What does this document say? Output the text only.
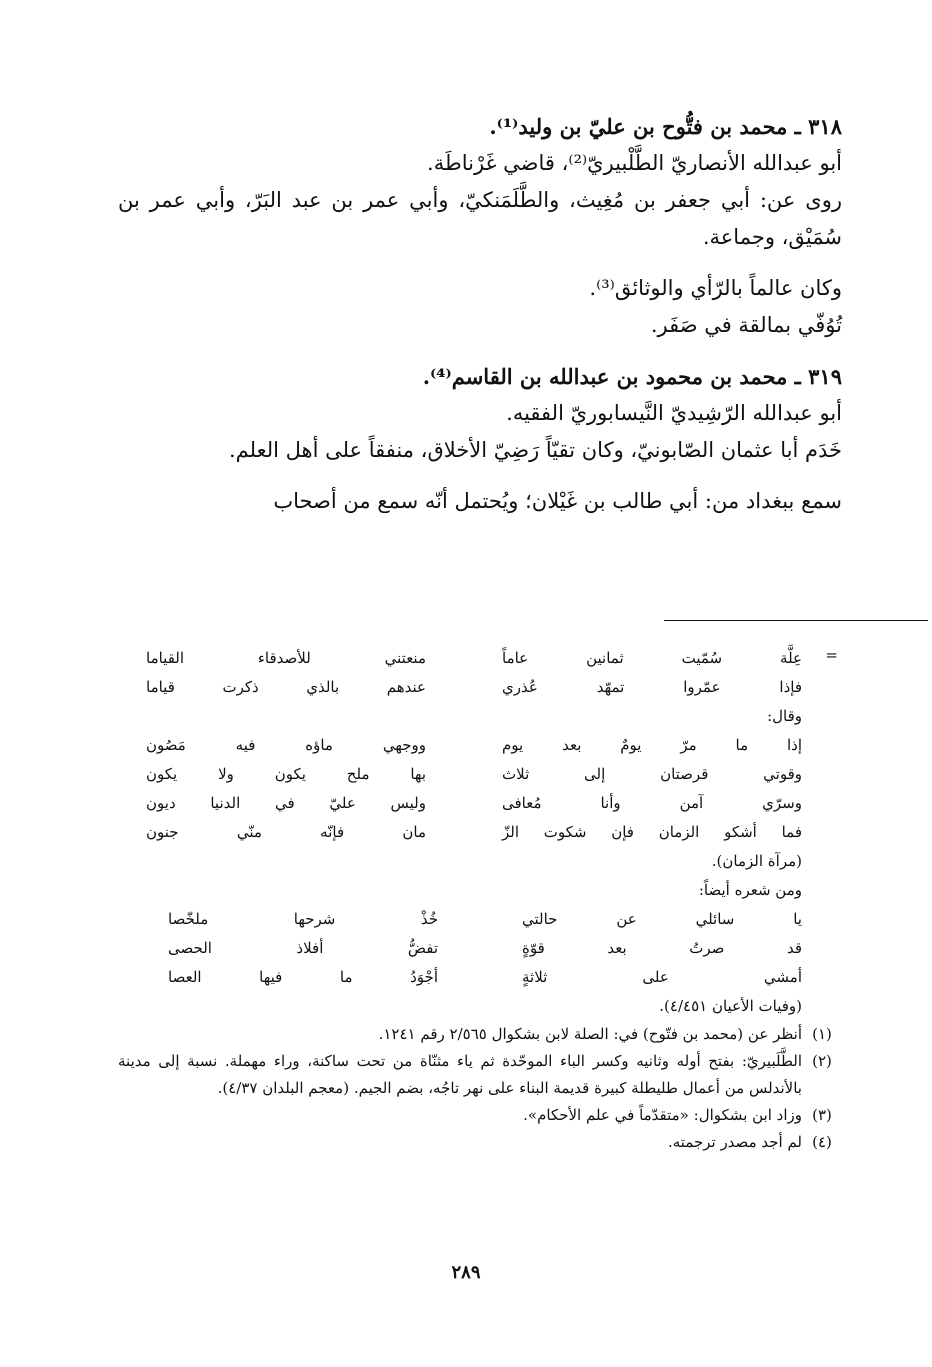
٣١٨ ـ محمد بن فتُّوح بن عليّ بن وليد⁽¹⁾.

أبو عبدالله الأنصاريّ الطَّلْبيريّ⁽²⁾، قاضي غَرْناطَة.

روى عن: أبي جعفر بن مُغِيث، والطَّلَمَنكيّ، وأبي عمر بن عبد البَرّ، وأبي عمر بن سُمَيْق، وجماعة.

وكان عالماً بالرّأي والوثائق⁽³⁾.

تُوُفّي بمالقة في صَفَر.

٣١٩ ـ محمد بن محمود بن عبدالله بن القاسم⁽⁴⁾.

أبو عبدالله الرّشِيديّ النَّيسابوريّ الفقيه.

خَدَم أبا عثمان الصّابونيّ، وكان تقيّاً رَضِيّ الأخلاق، منفقاً على أهل العلم.

سمع ببغداد من: أبي طالب بن غَيْلان؛ ويُحتمل أنّه سمع من أصحاب

=
عِلَّة سُمّيت ثمانين عاماً
منعتني للأصدقاء القياما
فإذا عمّروا تمهّد عُذري
عندهم بالذي ذكرت قياما
وقال:
إذا ما مرّ يومٌ بعد يوم
ووجهي ماؤه فيه مَصُون
وقوتي قرصتان إلى ثلاث
بها ملح يكون ولا يكون
وسرّي آمن وأنا مُعافى
وليس عليّ في الدنيا ديون
فما أشكو الزمان فإن شكوت الزّ
مان فإنّه منّي جنون
(مرآة الزمان).
ومن شعره أيضاً:
يا سائلي عن حالتي
خُذْ شرحها ملخّصا
قد صرتُ بعد قوّةٍ
تفضُّ أفلاذ الحصى
أمشي على ثلاثةٍ
أجْوَدُ ما فيها العصا
(وفيات الأعيان ٤/٤٥١).
(١)
أنظر عن (محمد بن فتّوح) في: الصلة لابن بشكوال ٢/٥٦٥ رقم ١٢٤١.
(٢)
الطَّلَبيريّ: بفتح أوله وثانيه وكسر الباء الموحّدة ثم ياء مثنّاة من تحت ساكنة، وراء مهملة. نسبة إلى مدينة بالأندلس من أعمال طليطلة كبيرة قديمة البناء على نهر تاجُه، بضم الجيم. (معجم البلدان ٤/٣٧).
(٣)
وزاد ابن بشكوال: «متقدّماً في علم الأحكام».
(٤)
لم أجد مصدر ترجمته.
٢٨٩
